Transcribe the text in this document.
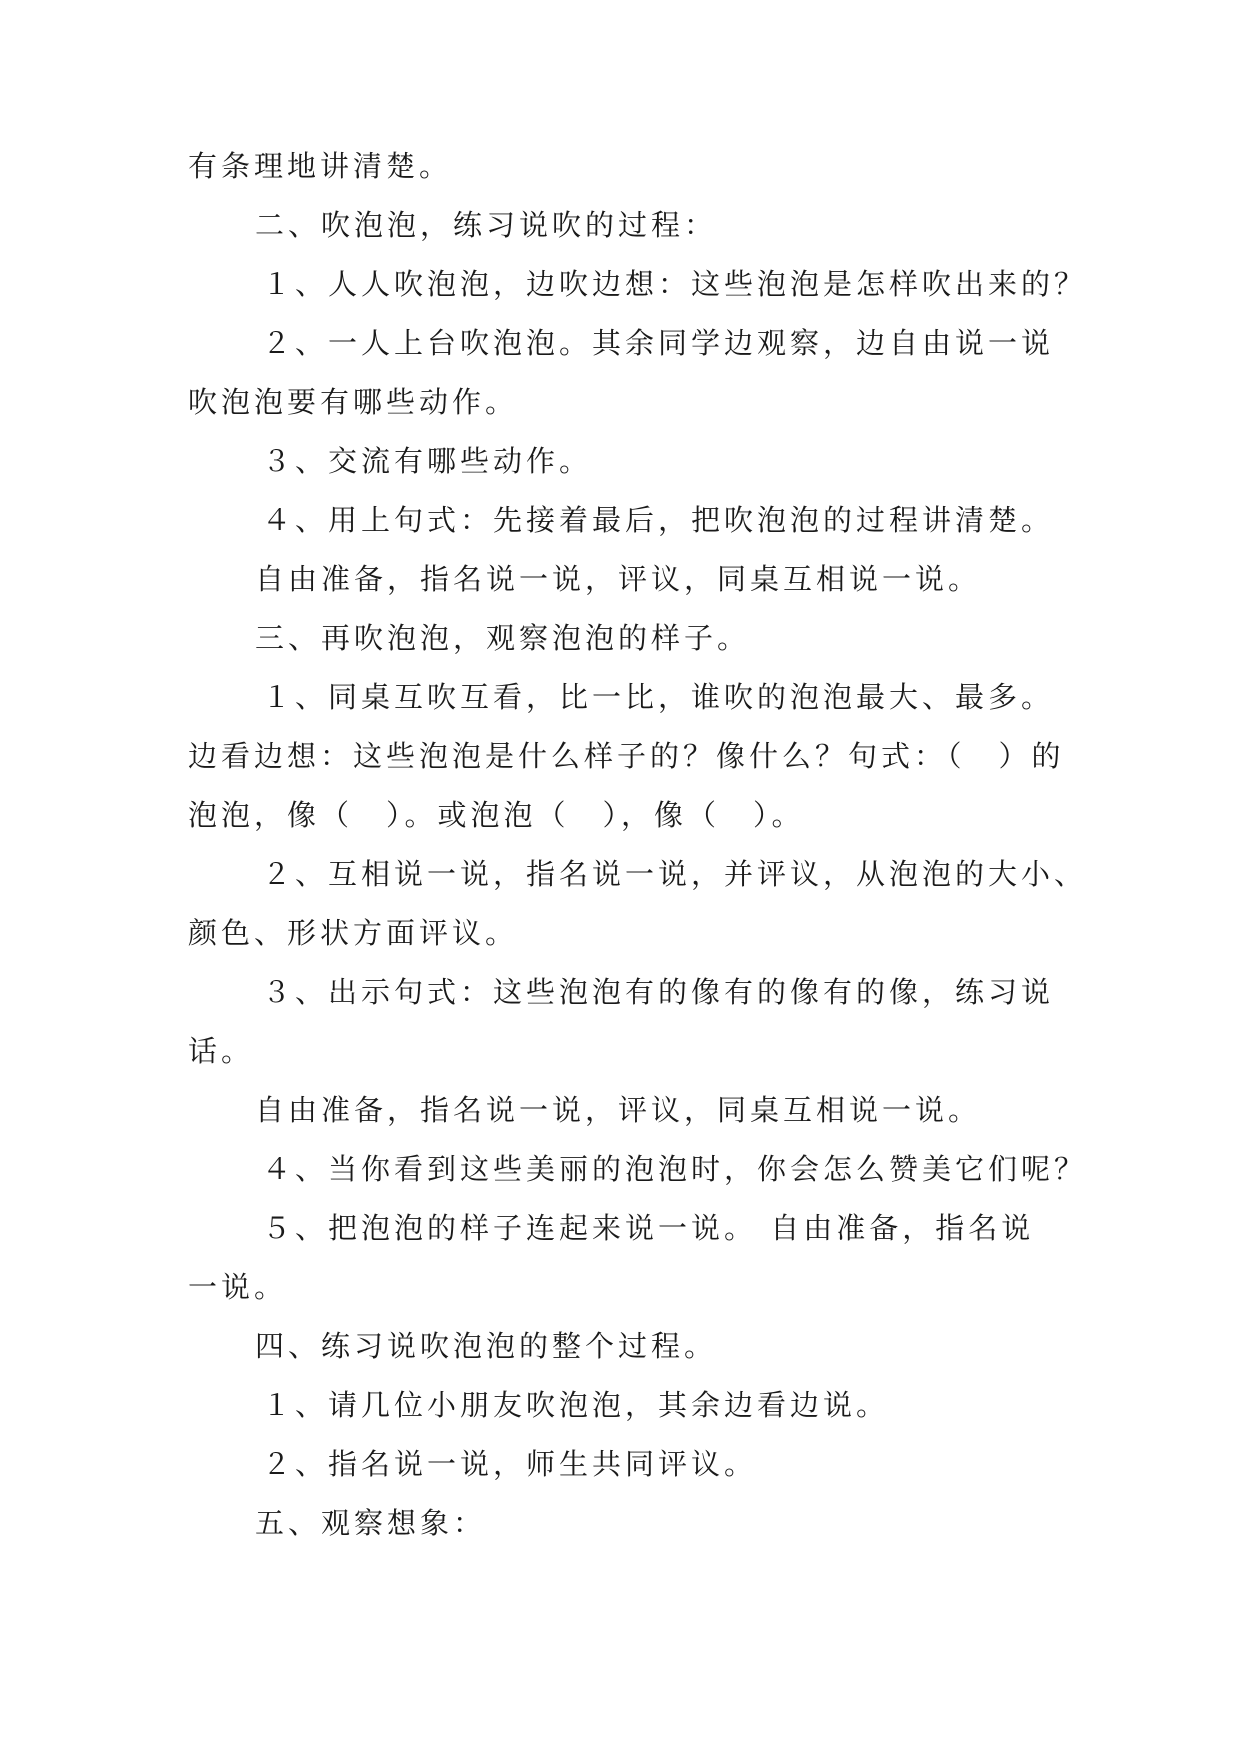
有条理地讲清楚。
二、吹泡泡，练习说吹的过程：
１、人人吹泡泡，边吹边想：这些泡泡是怎样吹出来的？
２、一人上台吹泡泡。其余同学边观察，边自由说一说
吹泡泡要有哪些动作。
３、交流有哪些动作。
４、用上句式：先接着最后，把吹泡泡的过程讲清楚。
自由准备，指名说一说，评议，同桌互相说一说。
三、再吹泡泡，观察泡泡的样子。
１、同桌互吹互看，比一比，谁吹的泡泡最大、最多。
边看边想：这些泡泡是什么样子的？像什么？句式：（　）的
泡泡，像（　）。或泡泡（　），像（　）。
２、互相说一说，指名说一说，并评议，从泡泡的大小、
颜色、形状方面评议。
３、出示句式：这些泡泡有的像有的像有的像，练习说
话。
自由准备，指名说一说，评议，同桌互相说一说。
４、当你看到这些美丽的泡泡时，你会怎么赞美它们呢？
５、把泡泡的样子连起来说一说。 自由准备，指名说
一说。
四、练习说吹泡泡的整个过程。
１、请几位小朋友吹泡泡，其余边看边说。
２、指名说一说，师生共同评议。
五、观察想象：
